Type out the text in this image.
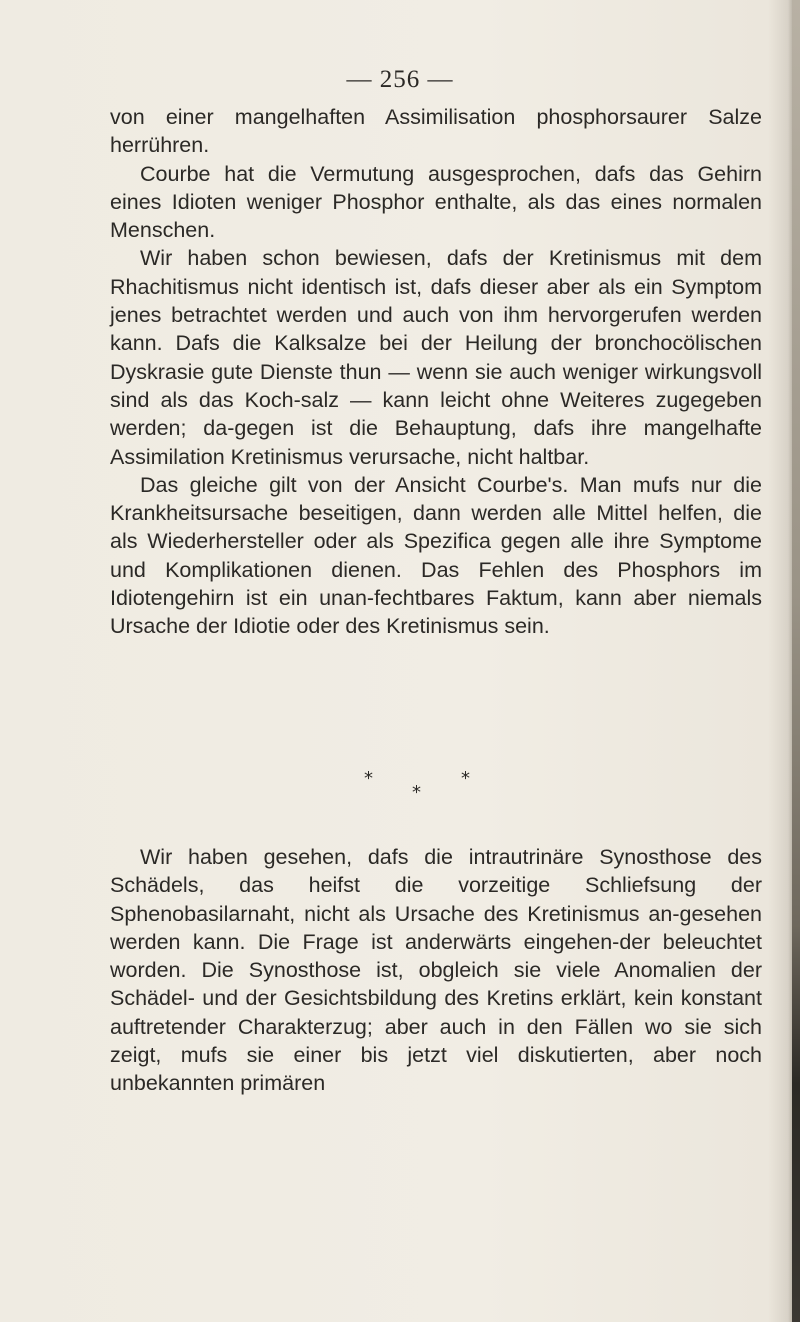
— 256 —

von einer mangelhaften Assimilisation phosphorsaurer Salze herrühren.

Courbe hat die Vermutung ausgesprochen, dafs das Gehirn eines Idioten weniger Phosphor enthalte, als das eines normalen Menschen.

Wir haben schon bewiesen, dafs der Kretinismus mit dem Rhachitismus nicht identisch ist, dafs dieser aber als ein Symptom jenes betrachtet werden und auch von ihm hervorgerufen werden kann. Dafs die Kalksalze bei der Heilung der bronchocölischen Dyskrasie gute Dienste thun — wenn sie auch weniger wirkungsvoll sind als das Koch-salz — kann leicht ohne Weiteres zugegeben werden; da-gegen ist die Behauptung, dafs ihre mangelhafte Assimilation Kretinismus verursache, nicht haltbar.

Das gleiche gilt von der Ansicht Courbe's. Man mufs nur die Krankheitsursache beseitigen, dann werden alle Mittel helfen, die als Wiederhersteller oder als Spezifica gegen alle ihre Symptome und Komplikationen dienen. Das Fehlen des Phosphors im Idiotengehirn ist ein unan-fechtbares Faktum, kann aber niemals Ursache der Idiotie oder des Kretinismus sein.

*	*
*

Wir haben gesehen, dafs die intrautrinäre Synosthose des Schädels, das heifst die vorzeitige Schliefsung der Sphenobasilarnaht, nicht als Ursache des Kretinismus an-gesehen werden kann. Die Frage ist anderwärts eingehen-der beleuchtet worden. Die Synosthose ist, obgleich sie viele Anomalien der Schädel- und der Gesichtsbildung des Kretins erklärt, kein konstant auftretender Charakterzug; aber auch in den Fällen wo sie sich zeigt, mufs sie einer bis jetzt viel diskutierten, aber noch unbekannten primären
